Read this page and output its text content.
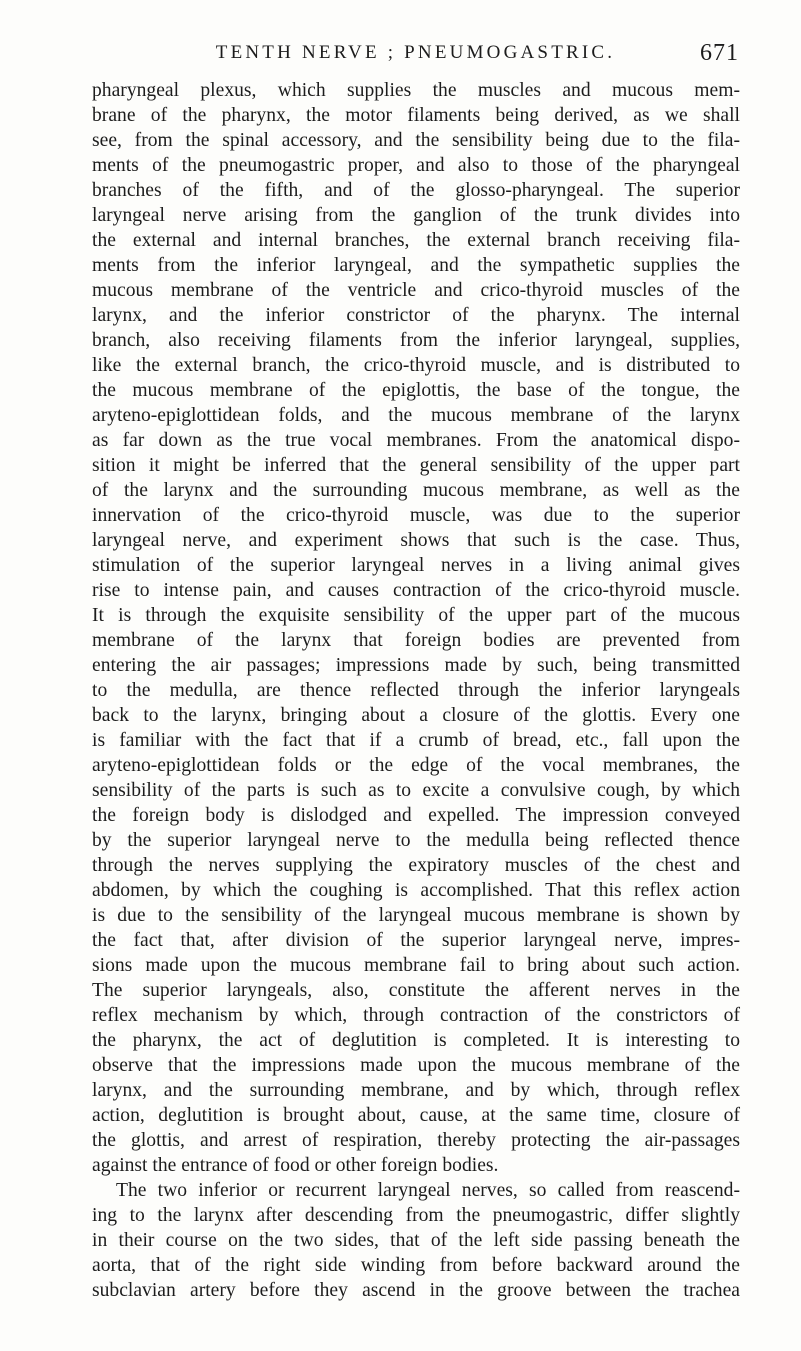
TENTH NERVE ; PNEUMOGASTRIC.	671
pharyngeal plexus, which supplies the muscles and mucous mem-
brane of the pharynx, the motor filaments being derived, as we shall
see, from the spinal accessory, and the sensibility being due to the fila-
ments of the pneumogastric proper, and also to those of the pharyngeal
branches of the fifth, and of the glosso-pharyngeal. The superior
laryngeal nerve arising from the ganglion of the trunk divides into
the external and internal branches, the external branch receiving fila-
ments from the inferior laryngeal, and the sympathetic supplies the
mucous membrane of the ventricle and crico-thyroid muscles of the
larynx, and the inferior constrictor of the pharynx. The internal
branch, also receiving filaments from the inferior laryngeal, supplies,
like the external branch, the crico-thyroid muscle, and is distributed to
the mucous membrane of the epiglottis, the base of the tongue, the
aryteno-epiglottidean folds, and the mucous membrane of the larynx
as far down as the true vocal membranes. From the anatomical dispo-
sition it might be inferred that the general sensibility of the upper part
of the larynx and the surrounding mucous membrane, as well as the
innervation of the crico-thyroid muscle, was due to the superior
laryngeal nerve, and experiment shows that such is the case. Thus,
stimulation of the superior laryngeal nerves in a living animal gives
rise to intense pain, and causes contraction of the crico-thyroid muscle.
It is through the exquisite sensibility of the upper part of the mucous
membrane of the larynx that foreign bodies are prevented from
entering the air passages; impressions made by such, being transmitted
to the medulla, are thence reflected through the inferior laryngeals
back to the larynx, bringing about a closure of the glottis. Every one
is familiar with the fact that if a crumb of bread, etc., fall upon the
aryteno-epiglottidean folds or the edge of the vocal membranes, the
sensibility of the parts is such as to excite a convulsive cough, by which
the foreign body is dislodged and expelled. The impression conveyed
by the superior laryngeal nerve to the medulla being reflected thence
through the nerves supplying the expiratory muscles of the chest and
abdomen, by which the coughing is accomplished. That this reflex action
is due to the sensibility of the laryngeal mucous membrane is shown by
the fact that, after division of the superior laryngeal nerve, impres-
sions made upon the mucous membrane fail to bring about such action.
The superior laryngeals, also, constitute the afferent nerves in the
reflex mechanism by which, through contraction of the constrictors of
the pharynx, the act of deglutition is completed. It is interesting to
observe that the impressions made upon the mucous membrane of the
larynx, and the surrounding membrane, and by which, through reflex
action, deglutition is brought about, cause, at the same time, closure of
the glottis, and arrest of respiration, thereby protecting the air-passages
against the entrance of food or other foreign bodies.
The two inferior or recurrent laryngeal nerves, so called from reascend-
ing to the larynx after descending from the pneumogastric, differ slightly
in their course on the two sides, that of the left side passing beneath the
aorta, that of the right side winding from before backward around the
subclavian artery before they ascend in the groove between the trachea
